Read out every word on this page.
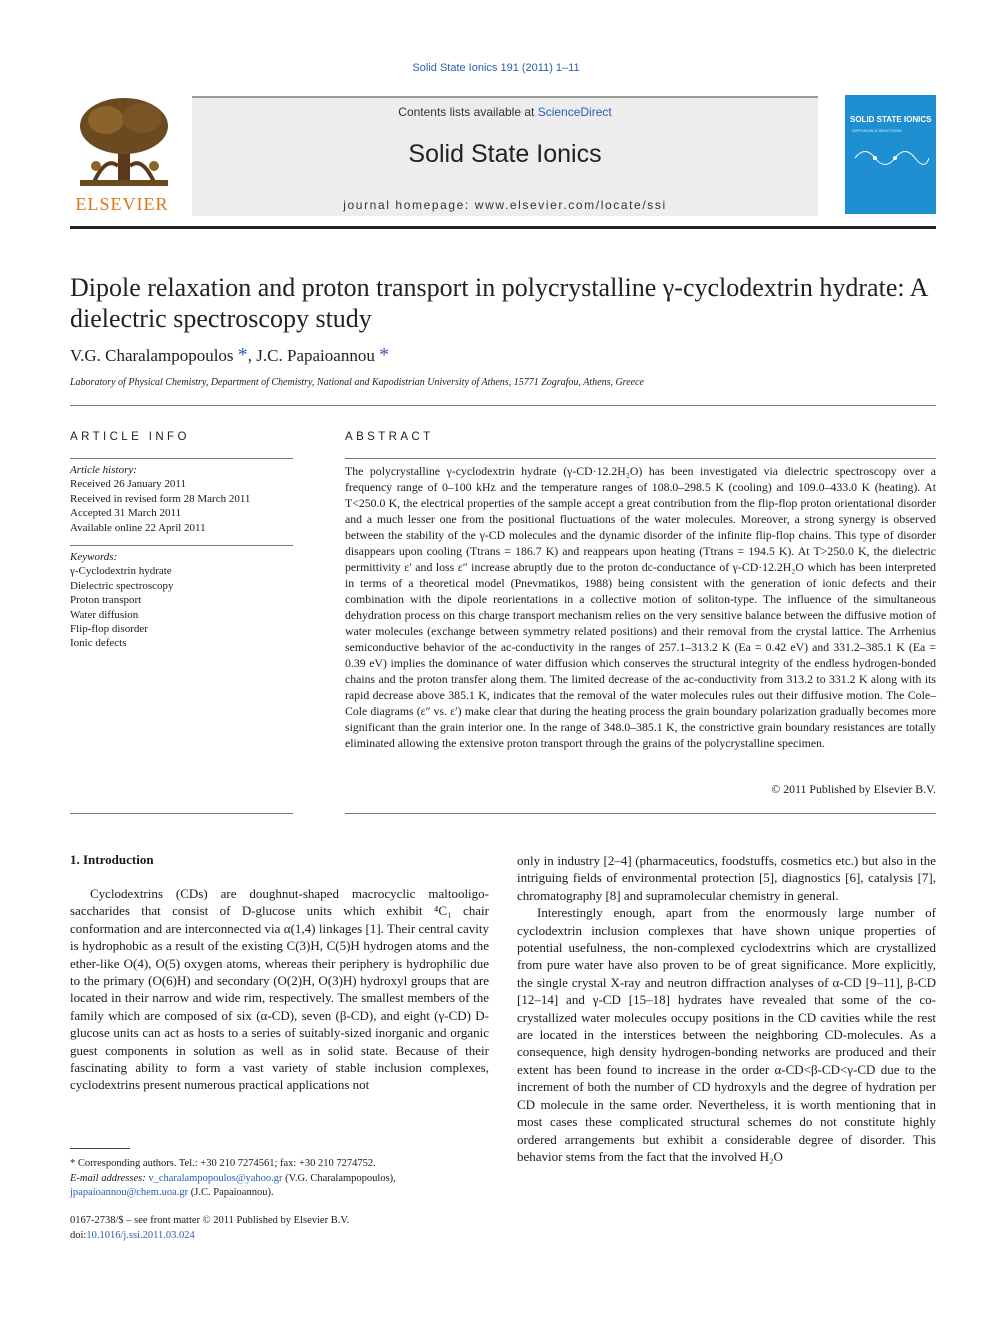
Solid State Ionics 191 (2011) 1–11
ELSEVIER
Contents lists available at ScienceDirect
Solid State Ionics
journal homepage: www.elsevier.com/locate/ssi
SOLID STATE IONICS
DIFFUSION & REACTIONS
Dipole relaxation and proton transport in polycrystalline γ-cyclodextrin hydrate: A dielectric spectroscopy study
V.G. Charalampopoulos *, J.C. Papaioannou *
Laboratory of Physical Chemistry, Department of Chemistry, National and Kapodistrian University of Athens, 15771 Zografou, Athens, Greece
ARTICLE INFO
Article history:
Received 26 January 2011
Received in revised form 28 March 2011
Accepted 31 March 2011
Available online 22 April 2011
Keywords:
γ-Cyclodextrin hydrate
Dielectric spectroscopy
Proton transport
Water diffusion
Flip-flop disorder
Ionic defects
ABSTRACT
The polycrystalline γ-cyclodextrin hydrate (γ-CD·12.2H₂O) has been investigated via dielectric spectroscopy over a frequency range of 0–100 kHz and the temperature ranges of 108.0–298.5 K (cooling) and 109.0–433.0 K (heating). At T<250.0 K, the electrical properties of the sample accept a great contribution from the flip-flop proton orientational disorder and a much lesser one from the positional fluctuations of the water molecules. Moreover, a strong synergy is observed between the stability of the γ-CD molecules and the dynamic disorder of the infinite flip-flop chains. This type of disorder disappears upon cooling (Ttrans = 186.7 K) and reappears upon heating (Ttrans = 194.5 K). At T>250.0 K, the dielectric permittivity ε′ and loss ε″ increase abruptly due to the proton dc-conductance of γ-CD·12.2H₂O which has been interpreted in terms of a theoretical model (Pnevmatikos, 1988) being consistent with the generation of ionic defects and their combination with the dipole reorientations in a collective motion of soliton-type. The influence of the simultaneous dehydration process on this charge transport mechanism relies on the very sensitive balance between the diffusive motion of water molecules (exchange between symmetry related positions) and their removal from the crystal lattice. The Arrhenius semiconductive behavior of the ac-conductivity in the ranges of 257.1–313.2 K (Ea = 0.42 eV) and 331.2–385.1 K (Ea = 0.39 eV) implies the dominance of water diffusion which conserves the structural integrity of the endless hydrogen-bonded chains and the proton transfer along them. The limited decrease of the ac-conductivity from 313.2 to 331.2 K along with its rapid decrease above 385.1 K, indicates that the removal of the water molecules rules out their diffusive motion. The Cole–Cole diagrams (ε″ vs. ε′) make clear that during the heating process the grain boundary polarization gradually becomes more significant than the grain interior one. In the range of 348.0–385.1 K, the constrictive grain boundary resistances are totally eliminated allowing the extensive proton transport through the grains of the polycrystalline specimen.
© 2011 Published by Elsevier B.V.
1. Introduction
Cyclodextrins (CDs) are doughnut-shaped macrocyclic maltooligo-saccharides that consist of D-glucose units which exhibit ⁴C₁ chair conformation and are interconnected via α(1,4) linkages [1]. Their central cavity is hydrophobic as a result of the existing C(3)H, C(5)H hydrogen atoms and the ether-like O(4), O(5) oxygen atoms, whereas their periphery is hydrophilic due to the primary (O(6)H) and secondary (O(2)H, O(3)H) hydroxyl groups that are located in their narrow and wide rim, respectively. The smallest members of the family which are composed of six (α-CD), seven (β-CD), and eight (γ-CD) D-glucose units can act as hosts to a series of suitably-sized inorganic and organic guest components in solution as well as in solid state. Because of their fascinating ability to form a vast variety of stable inclusion complexes, cyclodextrins present numerous practical applications not
only in industry [2–4] (pharmaceutics, foodstuffs, cosmetics etc.) but also in the intriguing fields of environmental protection [5], diagnostics [6], catalysis [7], chromatography [8] and supramolecular chemistry in general.
Interestingly enough, apart from the enormously large number of cyclodextrin inclusion complexes that have shown unique properties of potential usefulness, the non-complexed cyclodextrins which are crystallized from pure water have also proven to be of great significance. More explicitly, the single crystal X-ray and neutron diffraction analyses of α-CD [9–11], β-CD [12–14] and γ-CD [15–18] hydrates have revealed that some of the co-crystallized water molecules occupy positions in the CD cavities while the rest are located in the interstices between the neighboring CD-molecules. As a consequence, high density hydrogen-bonding networks are produced and their extent has been found to increase in the order α-CD<β-CD<γ-CD due to the increment of both the number of CD hydroxyls and the degree of hydration per CD molecule in the same order. Nevertheless, it is worth mentioning that in most cases these complicated structural schemes do not constitute highly ordered arrangements but exhibit a considerable degree of disorder. This behavior stems from the fact that the involved H₂O
* Corresponding authors. Tel.: +30 210 7274561; fax: +30 210 7274752.
E-mail addresses: v_charalampopoulos@yahoo.gr (V.G. Charalampopoulos),
jpapaioannou@chem.uoa.gr (J.C. Papaioannou).
0167-2738/$ – see front matter © 2011 Published by Elsevier B.V.
doi:10.1016/j.ssi.2011.03.024
